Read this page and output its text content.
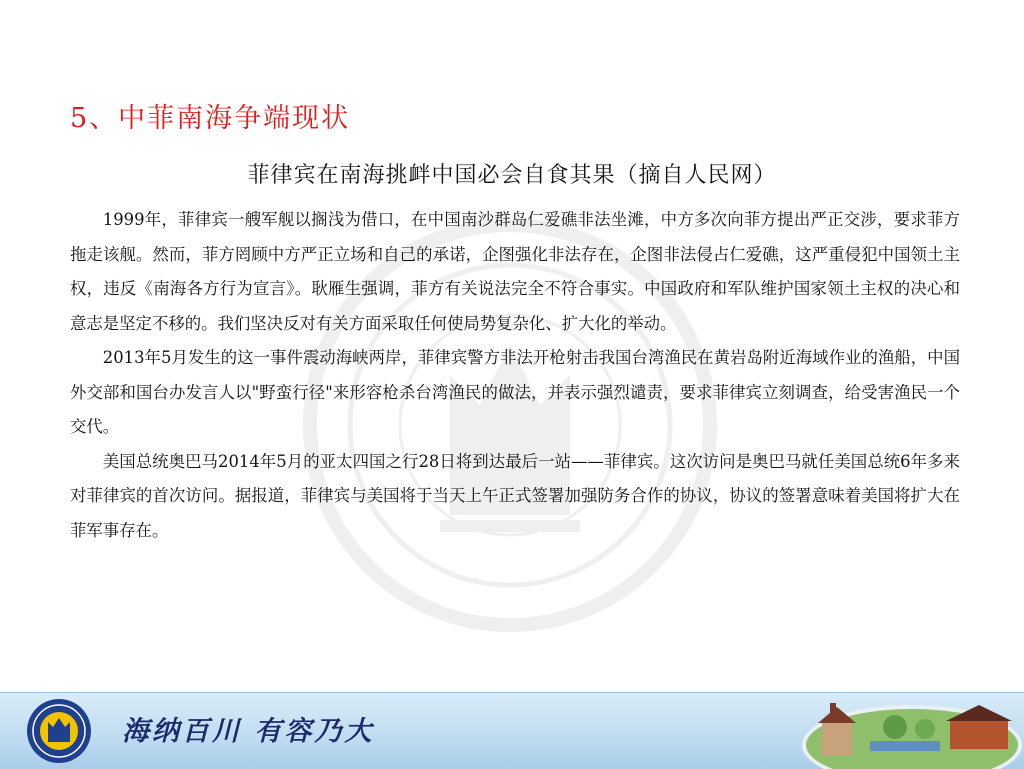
5、中菲南海争端现状
菲律宾在南海挑衅中国必会自食其果（摘自人民网）

1999年，菲律宾一艘军舰以搁浅为借口，在中国南沙群岛仁爱礁非法坐滩，中方多次向菲方提出严正交涉，要求菲方拖走该舰。然而，菲方罔顾中方严正立场和自己的承诺，企图强化非法存在，企图非法侵占仁爱礁，这严重侵犯中国领土主权，违反《南海各方行为宣言》。耿雁生强调，菲方有关说法完全不符合事实。中国政府和军队维护国家领土主权的决心和意志是坚定不移的。我们坚决反对有关方面采取任何使局势复杂化、扩大化的举动。

2013年5月发生的这一事件震动海峡两岸，菲律宾警方非法开枪射击我国台湾渔民在黄岩岛附近海域作业的渔船，中国外交部和国台办发言人以"野蛮行径"来形容枪杀台湾渔民的做法，并表示强烈谴责，要求菲律宾立刻调查，给受害渔民一个交代。

美国总统奥巴马2014年5月的亚太四国之行28日将到达最后一站——菲律宾。这次访问是奥巴马就任美国总统6年多来对菲律宾的首次访问。据报道，菲律宾与美国将于当天上午正式签署加强防务合作的协议，协议的签署意味着美国将扩大在菲军事存在。

海纳百川 有容乃大
